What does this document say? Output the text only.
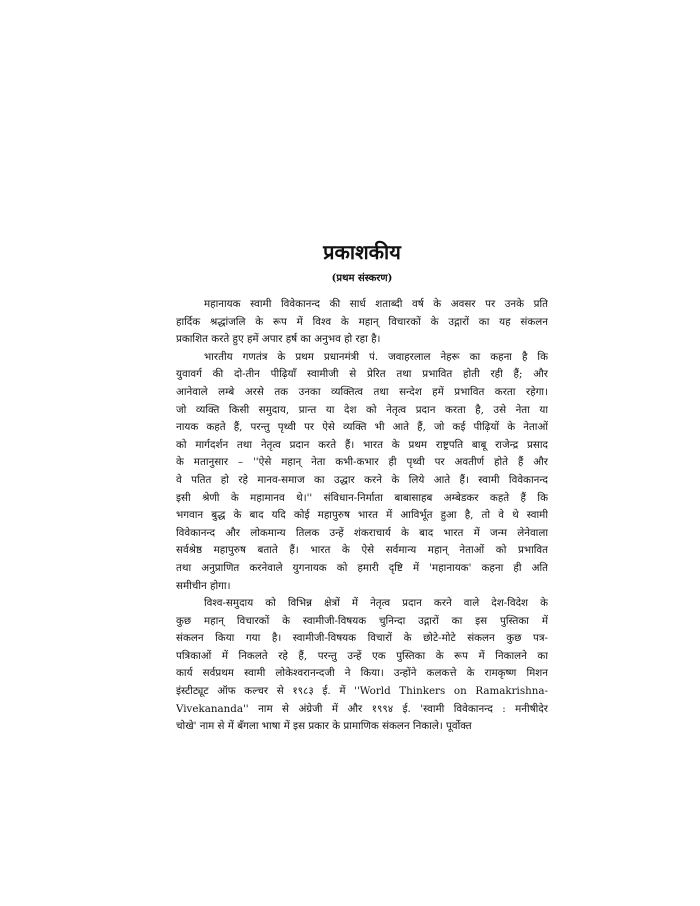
प्रकाशकीय
(प्रथम संस्करण)

महानायक स्वामी विवेकानन्द की सार्ध शताब्दी वर्ष के अवसर पर उनके प्रति
हार्दिक श्रद्धांजलि के रूप में विश्व के महान् विचारकों के उद्गारों का यह संकलन
प्रकाशित करते हुए हमें अपार हर्ष का अनुभव हो रहा है।

भारतीय गणतंत्र के प्रथम प्रधानमंत्री पं. जवाहरलाल नेहरू का कहना है कि
युवावर्ग की दो-तीन पीढ़ियाँ स्वामीजी से प्रेरित तथा प्रभावित होती रही हैं; और
आनेवाले लम्बे अरसे तक उनका व्यक्तित्व तथा सन्देश हमें प्रभावित करता रहेगा।
जो व्यक्ति किसी समुदाय, प्रान्त या देश को नेतृत्व प्रदान करता है, उसे नेता या
नायक कहते हैं, परन्तु पृथ्वी पर ऐसे व्यक्ति भी आते हैं, जो कई पीढ़ियों के नेताओं
को मार्गदर्शन तथा नेतृत्व प्रदान करते हैं। भारत के प्रथम राष्ट्रपति बाबू राजेन्द्र प्रसाद
के मतानुसार – ''ऐसे महान् नेता कभी-कभार ही पृथ्वी पर अवतीर्ण होते हैं और
वे पतित हो रहे मानव-समाज का उद्धार करने के लिये आते हैं। स्वामी विवेकानन्द
इसी श्रेणी के महामानव थे।'' संविधान-निर्माता बाबासाहब अम्बेडकर कहते हैं कि
भगवान बुद्ध के बाद यदि कोई महापुरुष भारत में आविर्भूत हुआ है, तो वे थे स्वामी
विवेकानन्द और लोकमान्य तिलक उन्हें शंकराचार्य के बाद भारत में जन्म लेनेवाला
सर्वश्रेष्ठ महापुरुष बताते हैं। भारत के ऐसे सर्वमान्य महान् नेताओं को प्रभावित
तथा अनुप्राणित करनेवाले युगनायक को हमारी दृष्टि में 'महानायक' कहना ही अति
समीचीन होगा।

विश्व-समुदाय को विभिन्न क्षेत्रों में नेतृत्व प्रदान करने वाले देश-विदेश के
कुछ महान् विचारकों के स्वामीजी-विषयक चुनिन्दा उद्गारों का इस पुस्तिका में
संकलन किया गया है। स्वामीजी-विषयक विचारों के छोटे-मोटे संकलन कुछ पत्र-
पत्रिकाओं में निकलते रहे हैं, परन्तु उन्हें एक पुस्तिका के रूप में निकालने का
कार्य सर्वप्रथम स्वामी लोकेश्वरानन्दजी ने किया। उन्होंने कलकत्ते के रामकृष्ण मिशन
इंस्टीट्यूट ऑफ कल्चर से १९८३ ई. में ''World Thinkers on Ramakrishna-
Vivekananda'' नाम से अंग्रेजी में और १९९४ ई. 'स्वामी विवेकानन्द : मनीषीदेर
चोखे' नाम से में बँगला भाषा में इस प्रकार के प्रामाणिक संकलन निकाले। पूर्वोक्त
